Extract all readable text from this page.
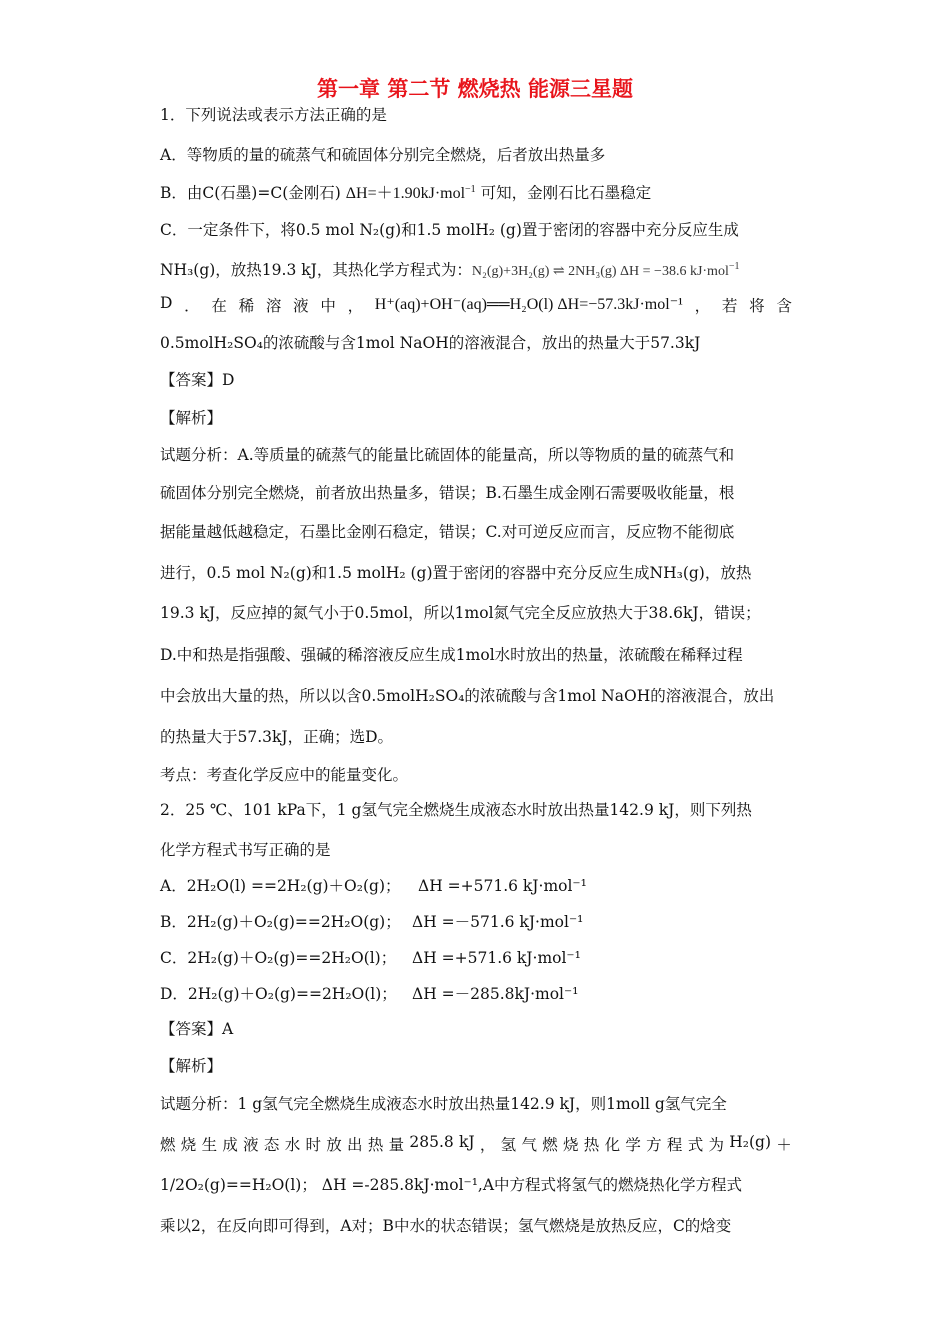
第一章 第二节 燃烧热 能源三星题
1．下列说法或表示方法正确的是
A．等物质的量的硫蒸气和硫固体分别完全燃烧，后者放出热量多
B．由C(石墨)=C(金刚石) ΔH=＋1.90kJ·mol$^{-1}$ 可知，金刚石比石墨稳定
C．一定条件下，将0.5 mol N₂(g)和1.5 molH₂ (g)置于密闭的容器中充分反应生成
NH₃(g)，放热19.3 kJ，其热化学方程式为：N₂(g)+3H₂(g) ⇌ 2NH₃(g) ΔH = −38.6 kJ·mol$^{-1}$
D ． 在 稀 溶 液 中 ， H⁺(aq)+OH⁻(aq)══H₂O(l) ΔH=−57.3kJ·mol⁻¹ ， 若 将 含
0.5molH₂SO₄的浓硫酸与含1mol NaOH的溶液混合，放出的热量大于57.3kJ
【答案】D
【解析】
试题分析：A.等质量的硫蒸气的能量比硫固体的能量高，所以等物质的量的硫蒸气和
硫固体分别完全燃烧，前者放出热量多，错误；B.石墨生成金刚石需要吸收能量，根
据能量越低越稳定，石墨比金刚石稳定，错误；C.对可逆反应而言，反应物不能彻底
进行，0.5 mol N₂(g)和1.5 molH₂ (g)置于密闭的容器中充分反应生成NH₃(g)，放热
19.3 kJ，反应掉的氮气小于0.5mol，所以1mol氮气完全反应放热大于38.6kJ，错误；
D.中和热是指强酸、强碱的稀溶液反应生成1mol水时放出的热量，浓硫酸在稀释过程
中会放出大量的热，所以以含0.5molH₂SO₄的浓硫酸与含1mol NaOH的溶液混合，放出
的热量大于57.3kJ，正确；选D。
考点：考查化学反应中的能量变化。
2．25 ℃、101 kPa下，1 g氢气完全燃烧生成液态水时放出热量142.9 kJ，则下列热
化学方程式书写正确的是
A．2H₂O(l) ==2H₂(g)＋O₂(g)； ΔH =+571.6 kJ·mol⁻¹
B．2H₂(g)＋O₂(g)==2H₂O(g)； ΔH =－571.6 kJ·mol⁻¹
C．2H₂(g)＋O₂(g)==2H₂O(l)； ΔH =+571.6 kJ·mol⁻¹
D．2H₂(g)＋O₂(g)==2H₂O(l)； ΔH =－285.8kJ·mol⁻¹
【答案】A
【解析】
试题分析：1 g氢气完全燃烧生成液态水时放出热量142.9 kJ，则1moll g氢气完全
燃 烧 生 成 液 态 水 时 放 出 热 量 285.8 kJ ， 氢 气 燃 烧 热 化 学 方 程 式 为 H₂(g) ＋
1/2O₂(g)==H₂O(l)； ΔH =-285.8kJ·mol⁻¹,A中方程式将氢气的燃烧热化学方程式
乘以2，在反向即可得到，A对；B中水的状态错误；氢气燃烧是放热反应，C的焓变
